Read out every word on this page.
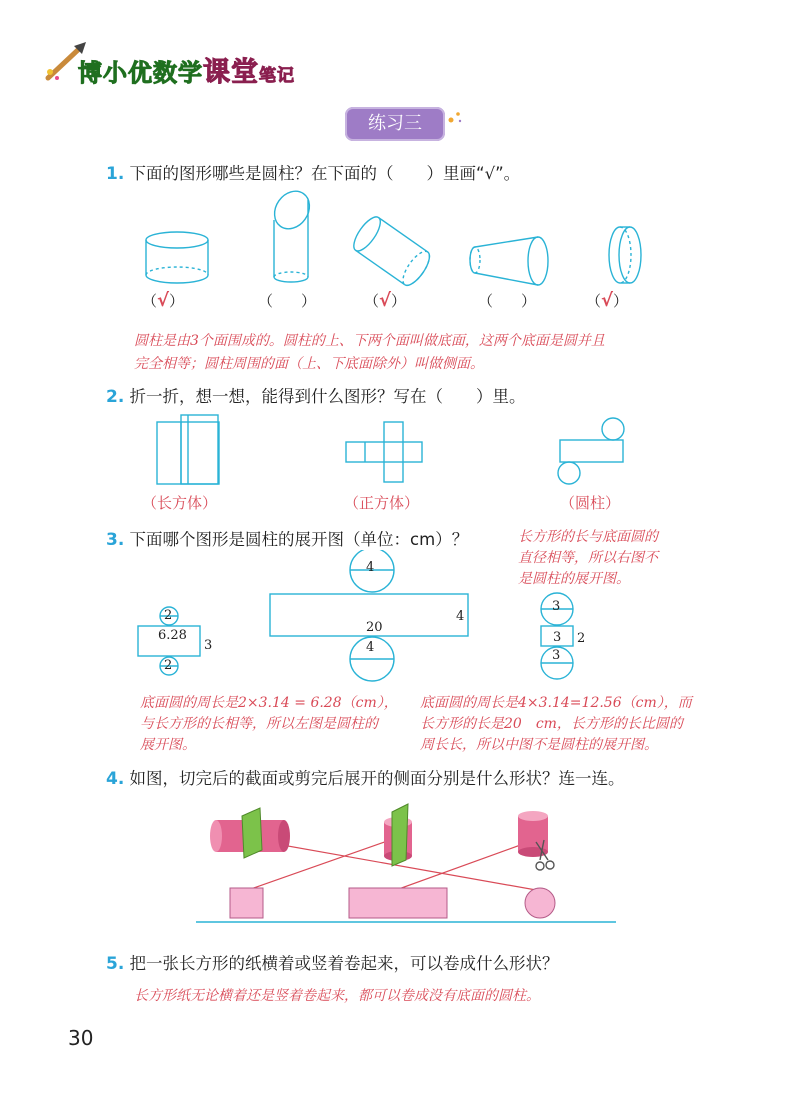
博小优数学课堂笔记
练习三
1. 下面的图形哪些是圆柱？在下面的（　　）里画“√”。
（√）	（ ）	（√）	（ ）	（√）
圆柱是由3个面围成的。圆柱的上、下两个面叫做底面，这两个底面是圆并且
完全相等；圆柱周围的面（上、下底面除外）叫做侧面。
2. 折一折，想一想，能得到什么图形？写在（　　）里。
（长方体）	（正方体）	（圆柱）
3. 下面哪个图形是圆柱的展开图（单位：cm）？	长方形的长与底面圆的
直径相等，所以右图不
是圆柱的展开图。
2
6.28
3
2
4
20
4
4
3
3 2
3
底面圆的周长是2×3.14 = 6.28（cm），
与长方形的长相等，所以左图是圆柱的
展开图。
底面圆的周长是4×3.14=12.56（cm），而
长方形的长是20　cm，长方形的长比圆的
周长长，所以中图不是圆柱的展开图。
4. 如图，切完后的截面或剪完后展开的侧面分别是什么形状？连一连。
5. 把一张长方形的纸横着或竖着卷起来，可以卷成什么形状？
长方形纸无论横着还是竖着卷起来，都可以卷成没有底面的圆柱。
30
